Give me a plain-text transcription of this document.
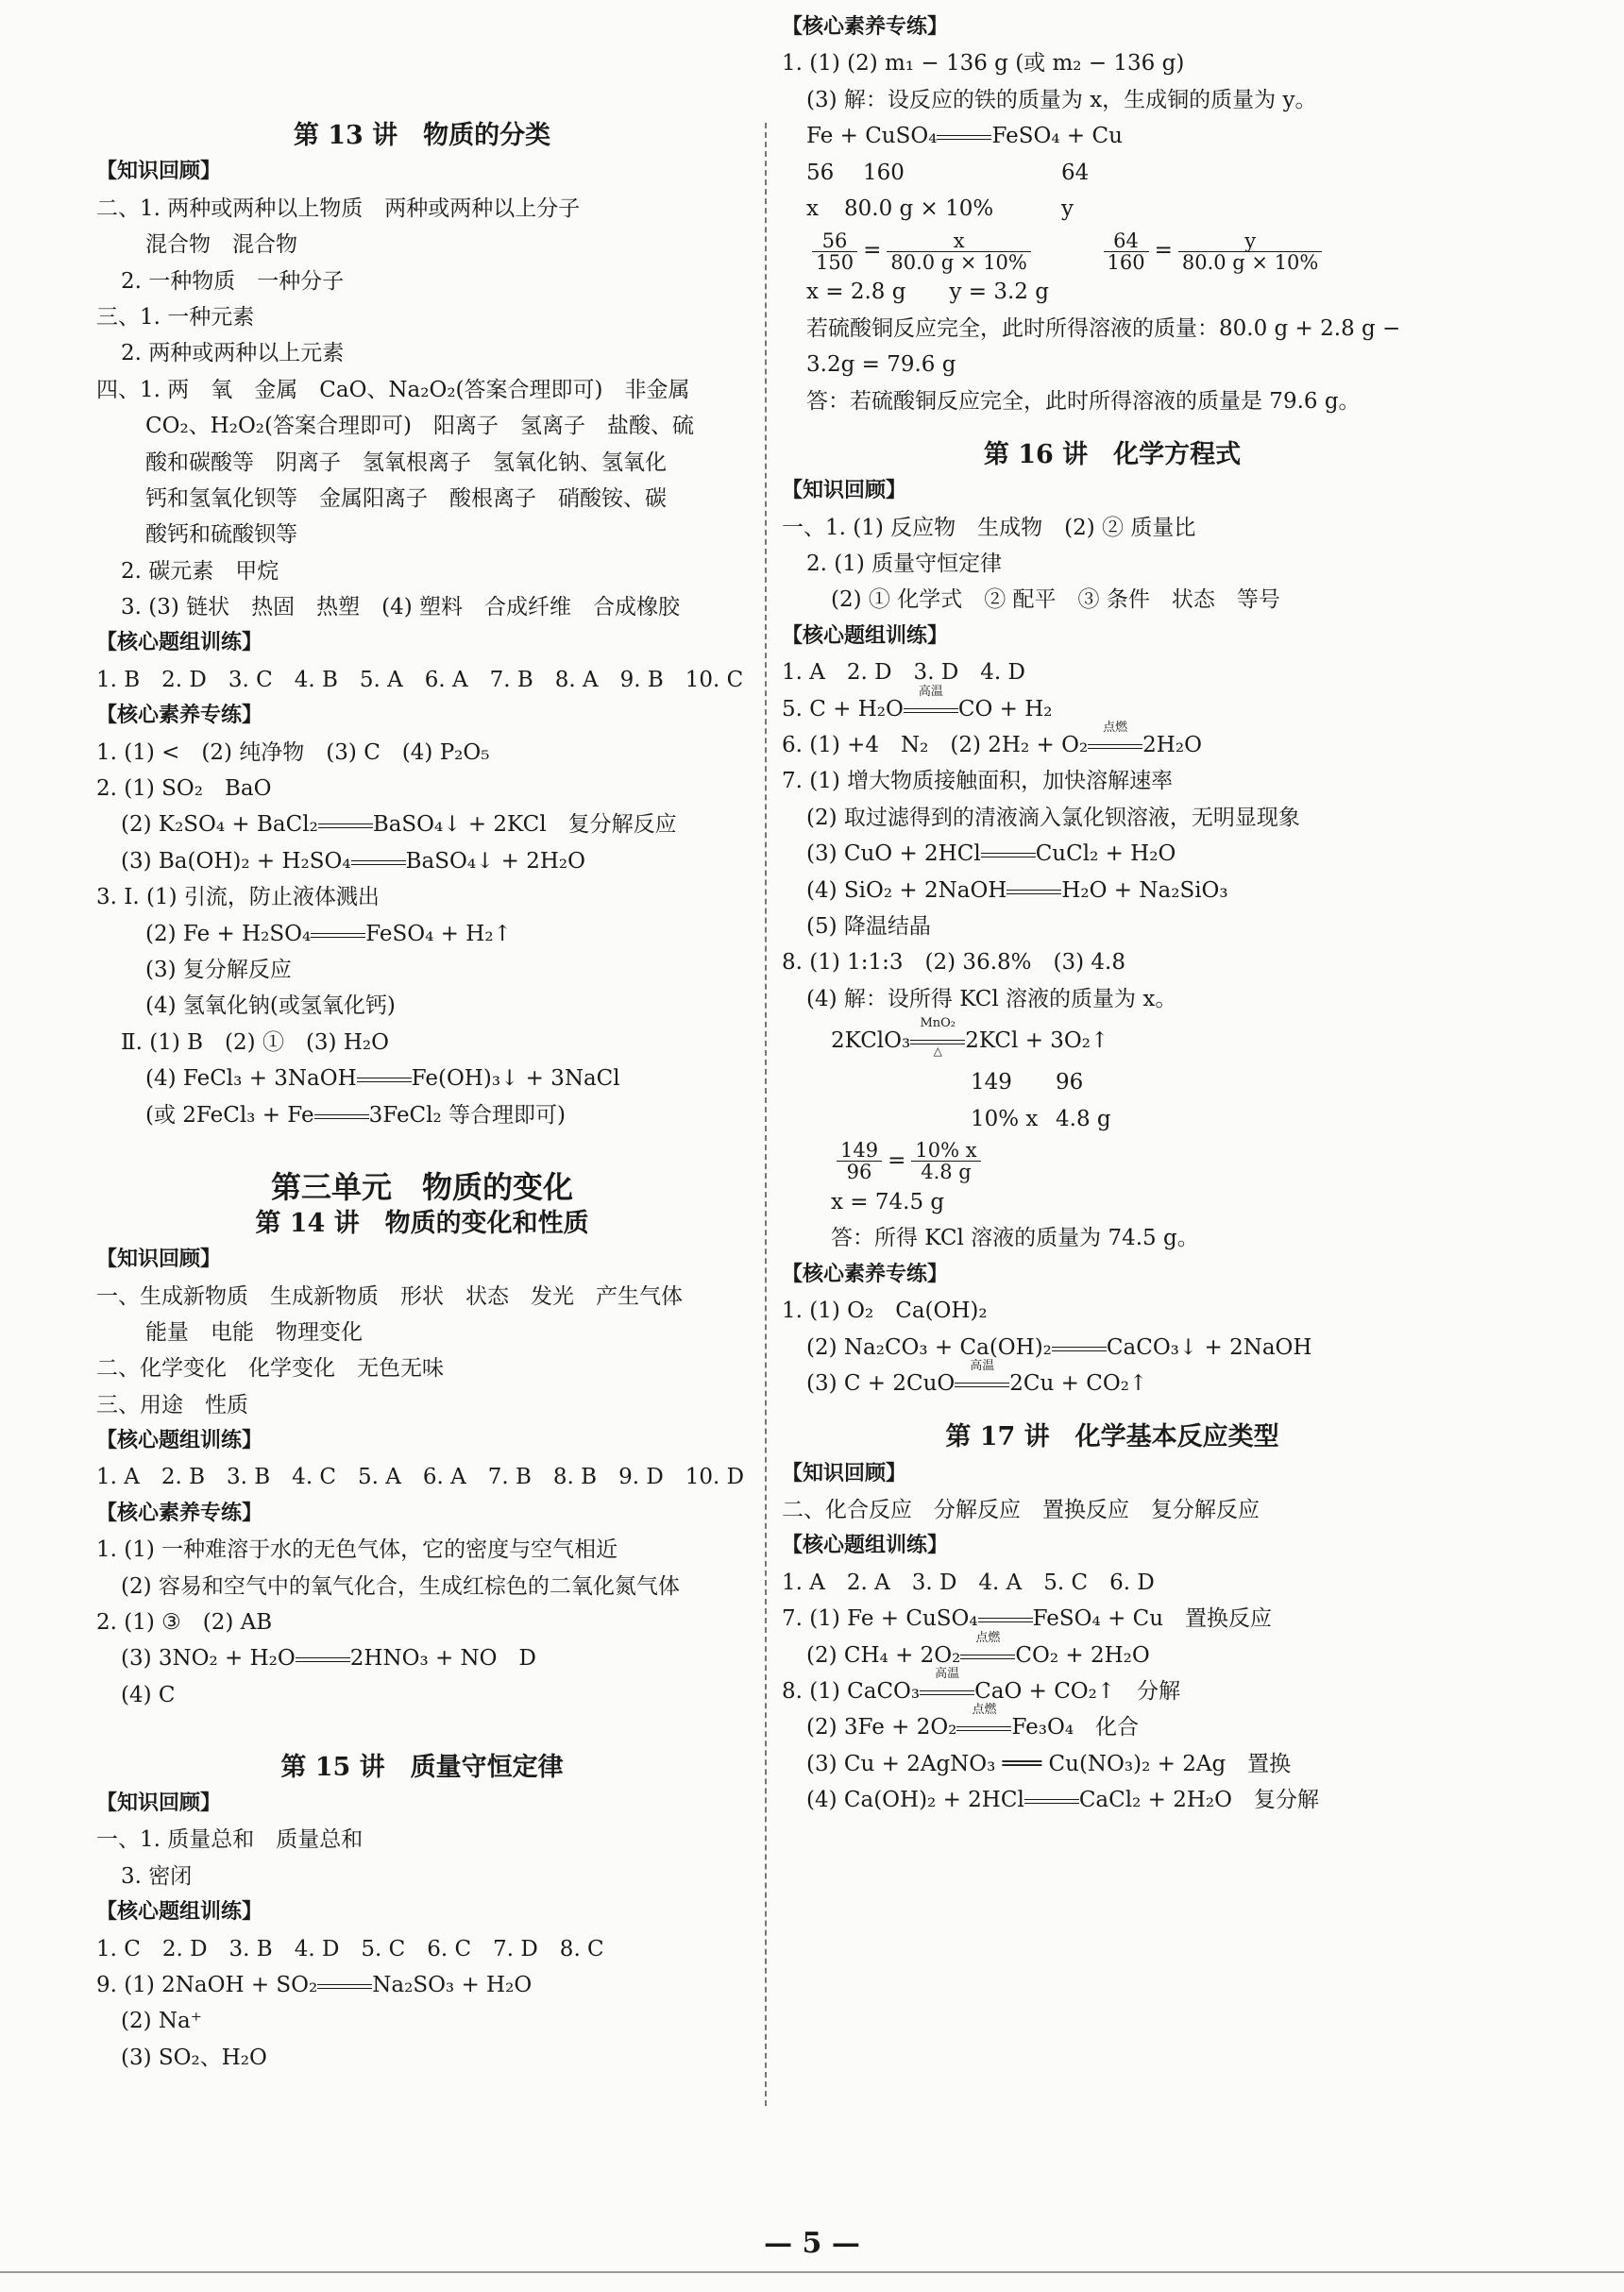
第 13 讲　物质的分类
【知识回顾】
二、1. 两种或两种以上物质　两种或两种以上分子
混合物　混合物
2. 一种物质　一种分子
三、1. 一种元素
2. 两种或两种以上元素
四、1. 两　氧　金属　CaO、Na₂O₂(答案合理即可)　非金属
CO₂、H₂O₂(答案合理即可)　阳离子　氢离子　盐酸、硫
酸和碳酸等　阴离子　氢氧根离子　氢氧化钠、氢氧化
钙和氢氧化钡等　金属阳离子　酸根离子　硝酸铵、碳
酸钙和硫酸钡等
2. 碳元素　甲烷
3. (3) 链状　热固　热塑　(4) 塑料　合成纤维　合成橡胶
【核心题组训练】
1. B　2. D　3. C　4. B　5. A　6. A　7. B　8. A　9. B　10. C
【核心素养专练】
1. (1) <　(2) 纯净物　(3) C　(4) P₂O₅
2. (1) SO₂　BaO
(2) K₂SO₄ + BaCl₂	BaSO₄↓ + 2KCl　复分解反应
(3) Ba(OH)₂ + H₂SO₄	BaSO₄↓ + 2H₂O
3. Ⅰ. (1) 引流，防止液体溅出
(2) Fe + H₂SO₄	FeSO₄ + H₂↑
(3) 复分解反应
(4) 氢氧化钠(或氢氧化钙)
Ⅱ. (1) B　(2) ①　(3) H₂O
(4) FeCl₃ + 3NaOH	Fe(OH)₃↓ + 3NaCl
(或 2FeCl₃ + Fe	3FeCl₂ 等合理即可)
第三单元　物质的变化
第 14 讲　物质的变化和性质
【知识回顾】
一、生成新物质　生成新物质　形状　状态　发光　产生气体
能量　电能　物理变化
二、化学变化　化学变化　无色无味
三、用途　性质
【核心题组训练】
1. A　2. B　3. B　4. C　5. A　6. A　7. B　8. B　9. D　10. D
【核心素养专练】
1. (1) 一种难溶于水的无色气体，它的密度与空气相近
(2) 容易和空气中的氧气化合，生成红棕色的二氧化氮气体
2. (1) ③　(2) AB
(3) 3NO₂ + H₂O	2HNO₃ + NO　D
(4) C
第 15 讲　质量守恒定律
【知识回顾】
一、1. 质量总和　质量总和
3. 密闭
【核心题组训练】
1. C　2. D　3. B　4. D　5. C　6. C　7. D　8. C
9. (1) 2NaOH + SO₂	Na₂SO₃ + H₂O
(2) Na⁺
(3) SO₂、H₂O
【核心素养专练】
1. (1) (2) m₁ − 136 g (或 m₂ − 136 g)
(3) 解：设反应的铁的质量为 x，生成铜的质量为 y。
Fe + CuSO₄	FeSO₄ + Cu
56 160	64
x 80.0 g × 10%	y
$\frac{56}{150} = \frac{x}{80.0 g \times 10\%}$
	$\frac{64}{160} = \frac{y}{80.0 g \times 10\%}$
x = 2.8 g　　y = 3.2 g
若硫酸铜反应完全，此时所得溶液的质量：80.0 g + 2.8 g −
3.2g = 79.6 g
答：若硫酸铜反应完全，此时所得溶液的质量是 79.6 g。
第 16 讲　化学方程式
【知识回顾】
一、1. (1) 反应物　生成物　(2) ② 质量比
2. (1) 质量守恒定律
(2) ① 化学式　② 配平　③ 条件　状态　等号
【核心题组训练】
1. A　2. D　3. D　4. D
5. C + H₂O
高温
CO + H₂
6. (1) +4　N₂　(2) 2H₂ + O₂
点燃
2H₂O
7. (1) 增大物质接触面积，加快溶解速率
(2) 取过滤得到的清液滴入氯化钡溶液，无明显现象
(3) CuO + 2HCl	CuCl₂ + H₂O
(4) SiO₂ + 2NaOH	H₂O + Na₂SiO₃
(5) 降温结晶
8. (1) 1:1:3　(2) 36.8%　(3) 4.8
(4) 解：设所得 KCl 溶液的质量为 x。
2KClO₃
MnO₂
△	2KCl + 3O₂↑
149 96
10% x 4.8 g
$\frac{149}{96} = \frac{10\% x}{4.8 g}$
x = 74.5 g
答：所得 KCl 溶液的质量为 74.5 g。
【核心素养专练】
1. (1) O₂　Ca(OH)₂
(2) Na₂CO₃ + Ca(OH)₂	CaCO₃↓ + 2NaOH
(3) C + 2CuO
高温
2Cu + CO₂↑
第 17 讲　化学基本反应类型
【知识回顾】
二、化合反应　分解反应　置换反应　复分解反应
【核心题组训练】
1. A　2. A　3. D　4. A　5. C　6. D
7. (1) Fe + CuSO₄	FeSO₄ + Cu　置换反应
(2) CH₄ + 2O₂
点燃
CO₂ + 2H₂O
8. (1) CaCO₃
高温
CaO + CO₂↑　分解
(2) 3Fe + 2O₂
点燃
Fe₃O₄　化合
(3) Cu + 2AgNO₃ ═══ Cu(NO₃)₂ + 2Ag　置换
(4) Ca(OH)₂ + 2HCl	CaCl₂ + 2H₂O　复分解
— 5 —
